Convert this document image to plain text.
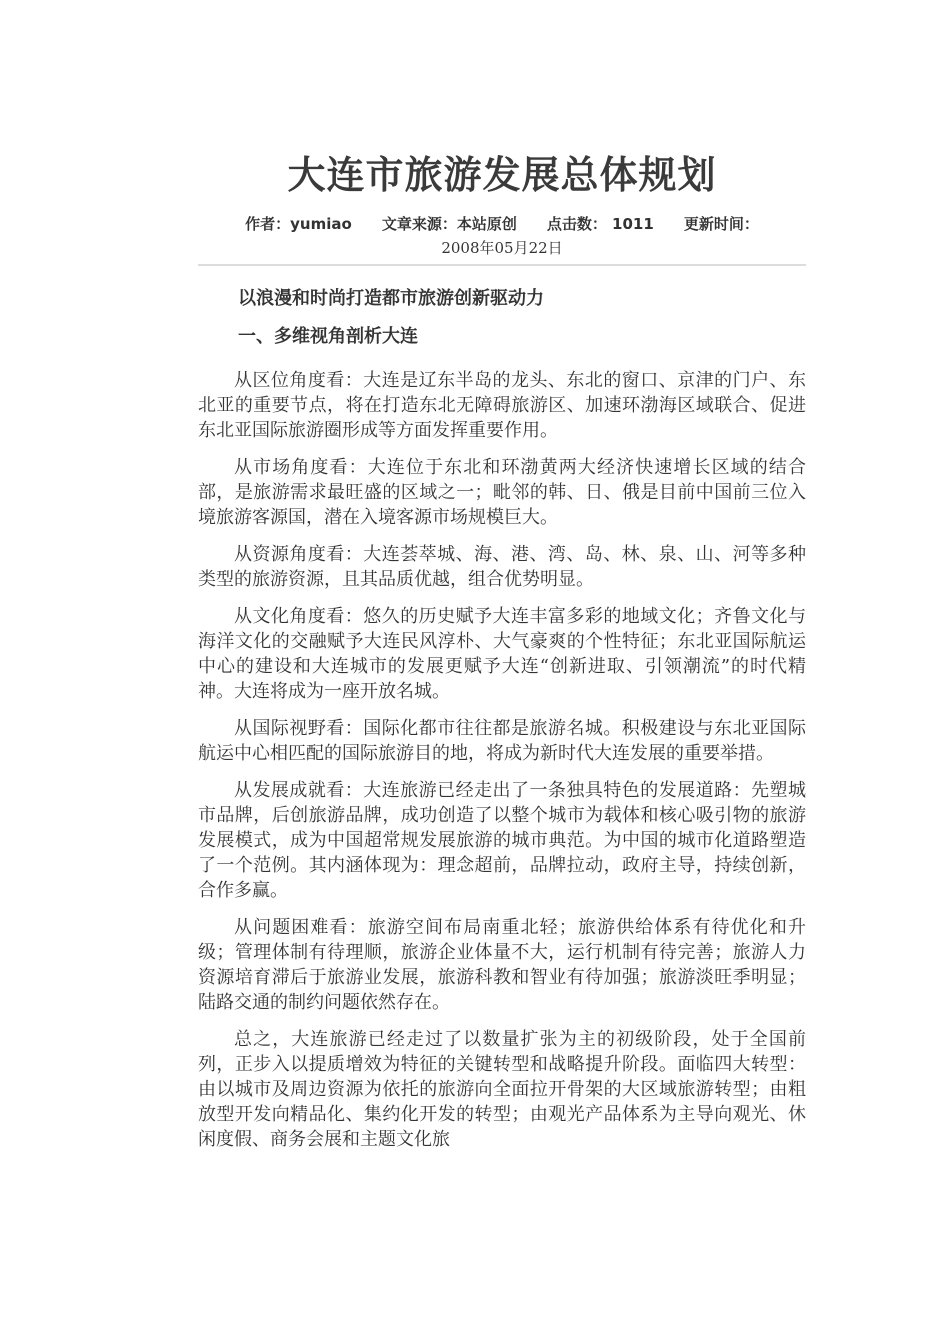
大连市旅游发展总体规划
作者：yumiao 文章来源：本站原创 点击数： 1011 更新时间：
2008年05月22日

以浪漫和时尚打造都市旅游创新驱动力

一、多维视角剖析大连

从区位角度看：大连是辽东半岛的龙头、东北的窗口、京津的门户、东北亚的重要节点，将在打造东北无障碍旅游区、加速环渤海区域联合、促进东北亚国际旅游圈形成等方面发挥重要作用。

从市场角度看：大连位于东北和环渤黄两大经济快速增长区域的结合部，是旅游需求最旺盛的区域之一；毗邻的韩、日、俄是目前中国前三位入境旅游客源国，潜在入境客源市场规模巨大。

从资源角度看：大连荟萃城、海、港、湾、岛、林、泉、山、河等多种类型的旅游资源，且其品质优越，组合优势明显。

从文化角度看：悠久的历史赋予大连丰富多彩的地域文化；齐鲁文化与海洋文化的交融赋予大连民风淳朴、大气豪爽的个性特征；东北亚国际航运中心的建设和大连城市的发展更赋予大连“创新进取、引领潮流”的时代精神。大连将成为一座开放名城。

从国际视野看：国际化都市往往都是旅游名城。积极建设与东北亚国际航运中心相匹配的国际旅游目的地，将成为新时代大连发展的重要举措。

从发展成就看：大连旅游已经走出了一条独具特色的发展道路：先塑城市品牌，后创旅游品牌，成功创造了以整个城市为载体和核心吸引物的旅游发展模式，成为中国超常规发展旅游的城市典范。为中国的城市化道路塑造了一个范例。其内涵体现为：理念超前，品牌拉动，政府主导，持续创新，合作多赢。

从问题困难看：旅游空间布局南重北轻；旅游供给体系有待优化和升级；管理体制有待理顺，旅游企业体量不大，运行机制有待完善；旅游人力资源培育滞后于旅游业发展，旅游科教和智业有待加强；旅游淡旺季明显；陆路交通的制约问题依然存在。

总之，大连旅游已经走过了以数量扩张为主的初级阶段，处于全国前列，正步入以提质增效为特征的关键转型和战略提升阶段。面临四大转型：由以城市及周边资源为依托的旅游向全面拉开骨架的大区域旅游转型；由粗放型开发向精品化、集约化开发的转型；由观光产品体系为主导向观光、休闲度假、商务会展和主题文化旅
